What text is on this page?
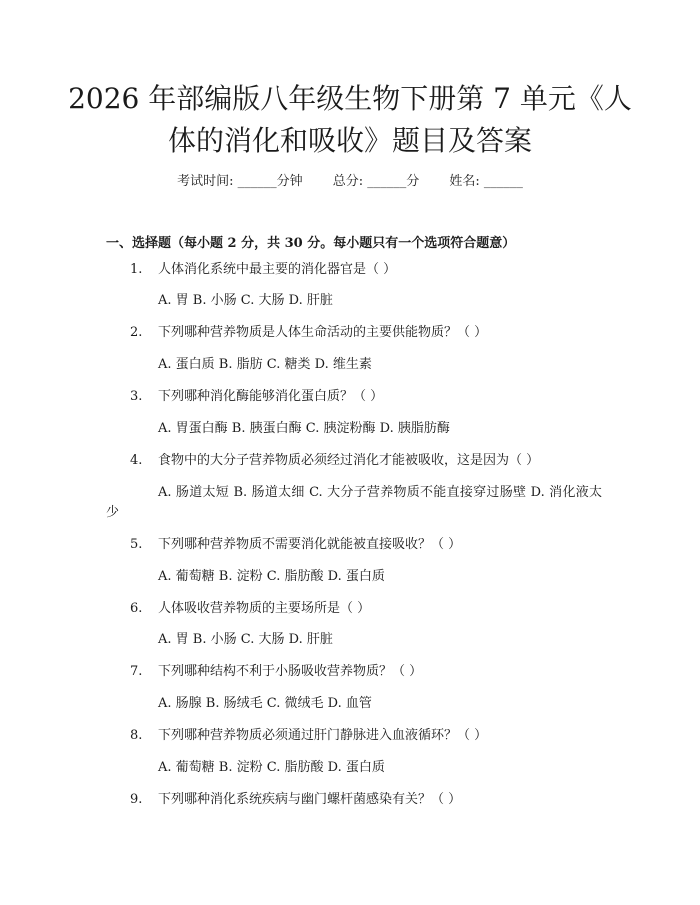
2026 年部编版八年级生物下册第 7 单元《人体的消化和吸收》题目及答案
考试时间: ______分钟 总分: ______分 姓名: ______
一、选择题（每小题 2 分，共 30 分。每小题只有一个选项符合题意）
1. 人体消化系统中最主要的消化器官是（ ）
A. 胃 B. 小肠 C. 大肠 D. 肝脏
2. 下列哪种营养物质是人体生命活动的主要供能物质？（ ）
A. 蛋白质 B. 脂肪 C. 糖类 D. 维生素
3. 下列哪种消化酶能够消化蛋白质？（ ）
A. 胃蛋白酶 B. 胰蛋白酶 C. 胰淀粉酶 D. 胰脂肪酶
4. 食物中的大分子营养物质必须经过消化才能被吸收，这是因为（ ）
A. 肠道太短 B. 肠道太细 C. 大分子营养物质不能直接穿过肠壁 D. 消化液太少
5. 下列哪种营养物质不需要消化就能被直接吸收？（ ）
A. 葡萄糖 B. 淀粉 C. 脂肪酸 D. 蛋白质
6. 人体吸收营养物质的主要场所是（ ）
A. 胃 B. 小肠 C. 大肠 D. 肝脏
7. 下列哪种结构不利于小肠吸收营养物质？（ ）
A. 肠腺 B. 肠绒毛 C. 微绒毛 D. 血管
8. 下列哪种营养物质必须通过肝门静脉进入血液循环？（ ）
A. 葡萄糖 B. 淀粉 C. 脂肪酸 D. 蛋白质
9. 下列哪种消化系统疾病与幽门螺杆菌感染有关？（ ）
